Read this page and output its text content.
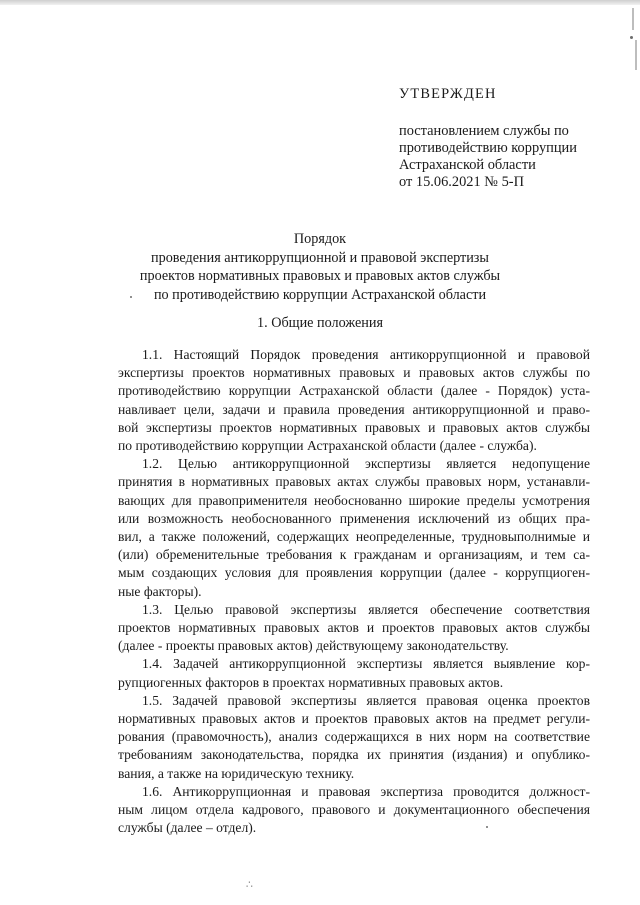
УТВЕРЖДЕН
постановлением службы по
противодействию коррупции
Астраханской области
от 15.06.2021 № 5-П
Порядок
проведения антикоррупционной и правовой экспертизы
проектов нормативных правовых и правовых актов службы
по противодействию коррупции Астраханской области
1. Общие положения
1.1. Настоящий Порядок проведения антикоррупционной и правовой
экспертизы проектов нормативных правовых и правовых актов службы по
противодействию коррупции Астраханской области (далее - Порядок) уста-
навливает цели, задачи и правила проведения антикоррупционной и право-
вой экспертизы проектов нормативных правовых и правовых актов службы
по противодействию коррупции Астраханской области (далее - служба).
1.2. Целью антикоррупционной экспертизы является недопущение
принятия в нормативных правовых актах службы правовых норм, устанавли-
вающих для правоприменителя необоснованно широкие пределы усмотрения
или возможность необоснованного применения исключений из общих пра-
вил, а также положений, содержащих неопределенные, трудновыполнимые и
(или) обременительные требования к гражданам и организациям, и тем са-
мым создающих условия для проявления коррупции (далее - коррупциоген-
ные факторы).
1.3. Целью правовой экспертизы является обеспечение соответствия
проектов нормативных правовых актов и проектов правовых актов службы
(далее - проекты правовых актов) действующему законодательству.
1.4. Задачей антикоррупционной экспертизы является выявление кор-
рупциогенных факторов в проектах нормативных правовых актов.
1.5. Задачей правовой экспертизы является правовая оценка проектов
нормативных правовых актов и проектов правовых актов на предмет регули-
рования (правомочность), анализ содержащихся в них норм на соответствие
требованиям законодательства, порядка их принятия (издания) и опублико-
вания, а также на юридическую технику.
1.6. Антикоррупционная и правовая экспертиза проводится должност-
ным лицом отдела кадрового, правового и документационного обеспечения
службы (далее – отдел).
∴
